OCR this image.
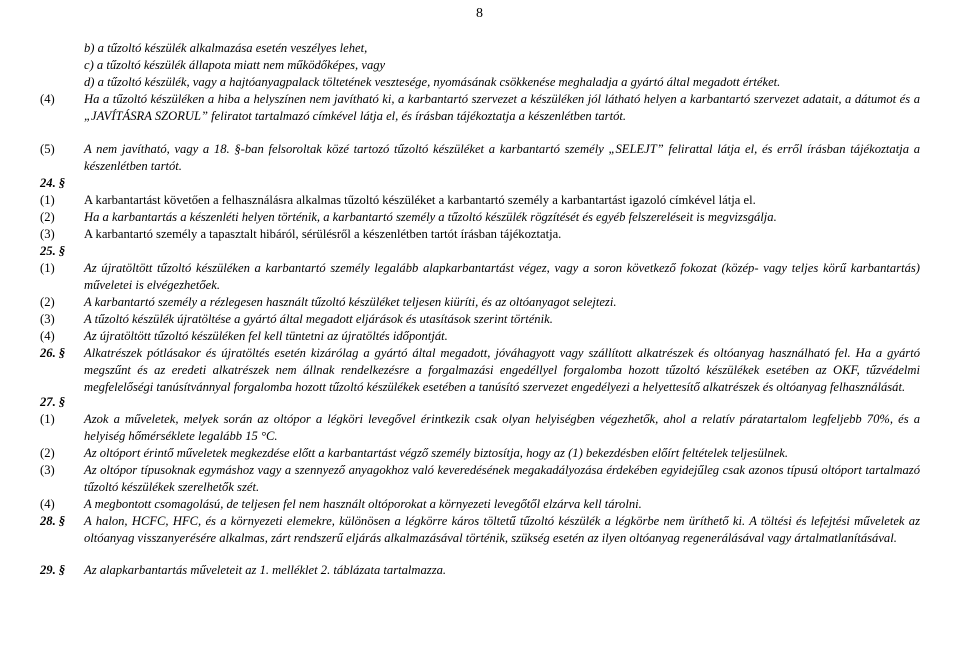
8
b) a tűzoltó készülék alkalmazása esetén veszélyes lehet,
c) a tűzoltó készülék állapota miatt nem működőképes, vagy
d) a tűzoltó készülék, vagy a hajtóanyagpalack töltetének vesztesége, nyomásának csökkenése meghaladja a gyártó által megadott értéket.
(4)	Ha a tűzoltó készüléken a hiba a helyszínen nem javítható ki, a karbantartó szervezet a készüléken jól látható helyen a karbantartó szervezet adatait, a dátumot és a „JAVÍTÁSRA SZORUL” feliratot tartalmazó címkével látja el, és írásban tájékoztatja a készenlétben tartót.
(5)	A nem javítható, vagy a 18. §-ban felsoroltak közé tartozó tűzoltó készüléket a karbantartó személy „SELEJT” felirattal látja el, és erről írásban tájékoztatja a készenlétben tartót.
24. §
(1)	A karbantartást követően a felhasználásra alkalmas tűzoltó készüléket a karbantartó személy a karbantartást igazoló címkével látja el.
(2)	Ha a karbantartás a készenléti helyen történik, a karbantartó személy a tűzoltó készülék rögzítését és egyéb felszereléseit is megvizsgálja.
(3)	A karbantartó személy a tapasztalt hibáról, sérülésről a készenlétben tartót írásban tájékoztatja.
25. §
(1)	Az újratöltött tűzoltó készüléken a karbantartó személy legalább alapkarbantartást végez, vagy a soron következő fokozat (közép- vagy teljes körű karbantartás) műveletei is elvégezhetőek.
(2)	A karbantartó személy a rézlegesen használt tűzoltó készüléket teljesen kiüríti, és az oltóanyagot selejtezi.
(3)	A tűzoltó készülék újratöltése a gyártó által megadott eljárások és utasítások szerint történik.
(4)	Az újratöltött tűzoltó készüléken fel kell tüntetni az újratöltés időpontját.
26. §	Alkatrészek pótlásakor és újratöltés esetén kizárólag a gyártó által megadott, jóváhagyott vagy szállított alkatrészek és oltóanyag használható fel. Ha a gyártó megszűnt és az eredeti alkatrészek nem állnak rendelkezésre a forgalmazási engedéllyel forgalomba hozott tűzoltó készülékek esetében az OKF, tűzvédelmi megfelelőségi tanúsítvánnyal forgalomba hozott tűzoltó készülékek esetében a tanúsító szervezet engedélyezi a helyettesítő alkatrészek és oltóanyag felhasználását.
27. §
(1)	Azok a műveletek, melyek során az oltópor a légköri levegővel érintkezik csak olyan helyiségben végezhetők, ahol a relatív páratartalom legfeljebb 70%, és a helyiség hőmérséklete legalább 15 °C.
(2)	Az oltóport érintő műveletek megkezdése előtt a karbantartást végző személy biztosítja, hogy az (1) bekezdésben előírt feltételek teljesülnek.
(3)	Az oltópor típusoknak egymáshoz vagy a szennyező anyagokhoz való keveredésének megakadályozása érdekében egyidejűleg csak azonos típusú oltóport tartalmazó tűzoltó készülékek szerelhetők szét.
(4)	A megbontott csomagolású, de teljesen fel nem használt oltóporokat a környezeti levegőtől elzárva kell tárolni.
28. §	A halon, HCFC, HFC, és a környezeti elemekre, különösen a légkörre káros töltetű tűzoltó készülék a légkörbe nem üríthető ki. A töltési és lefejtési műveletek az oltóanyag visszanyerésére alkalmas, zárt rendszerű eljárás alkalmazásával történik, szükség esetén az ilyen oltóanyag regenerálásával vagy ártalmatlanításával.
29. §	Az alapkarbantartás műveleteit az 1. melléklet 2. táblázata tartalmazza.
